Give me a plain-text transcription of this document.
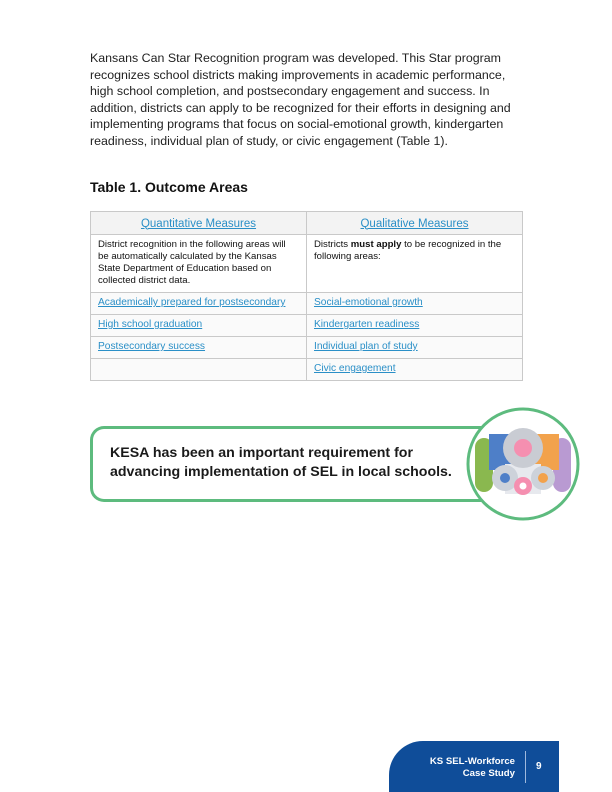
Kansans Can Star Recognition program was developed. This Star program recognizes school districts making improvements in academic performance, high school completion, and postsecondary engagement and success. In addition, districts can apply to be recognized for their efforts in designing and implementing programs that focus on social-emotional growth, kindergarten readiness, individual plan of study, or civic engagement (Table 1).

Table 1. Outcome Areas
Quantitative Measures	Qualitative Measures
District recognition in the following areas will be automatically calculated by the Kansas State Department of Education based on collected district data.	Districts must apply to be recognized in the following areas:
Academically prepared for postsecondary	Social-emotional growth
High school graduation	Kindergarten readiness
Postsecondary success	Individual plan of study
	Civic engagement
KESA has been an important requirement for advancing implementation of SEL in local schools.
KS SEL-Workforce
Case Study
9
